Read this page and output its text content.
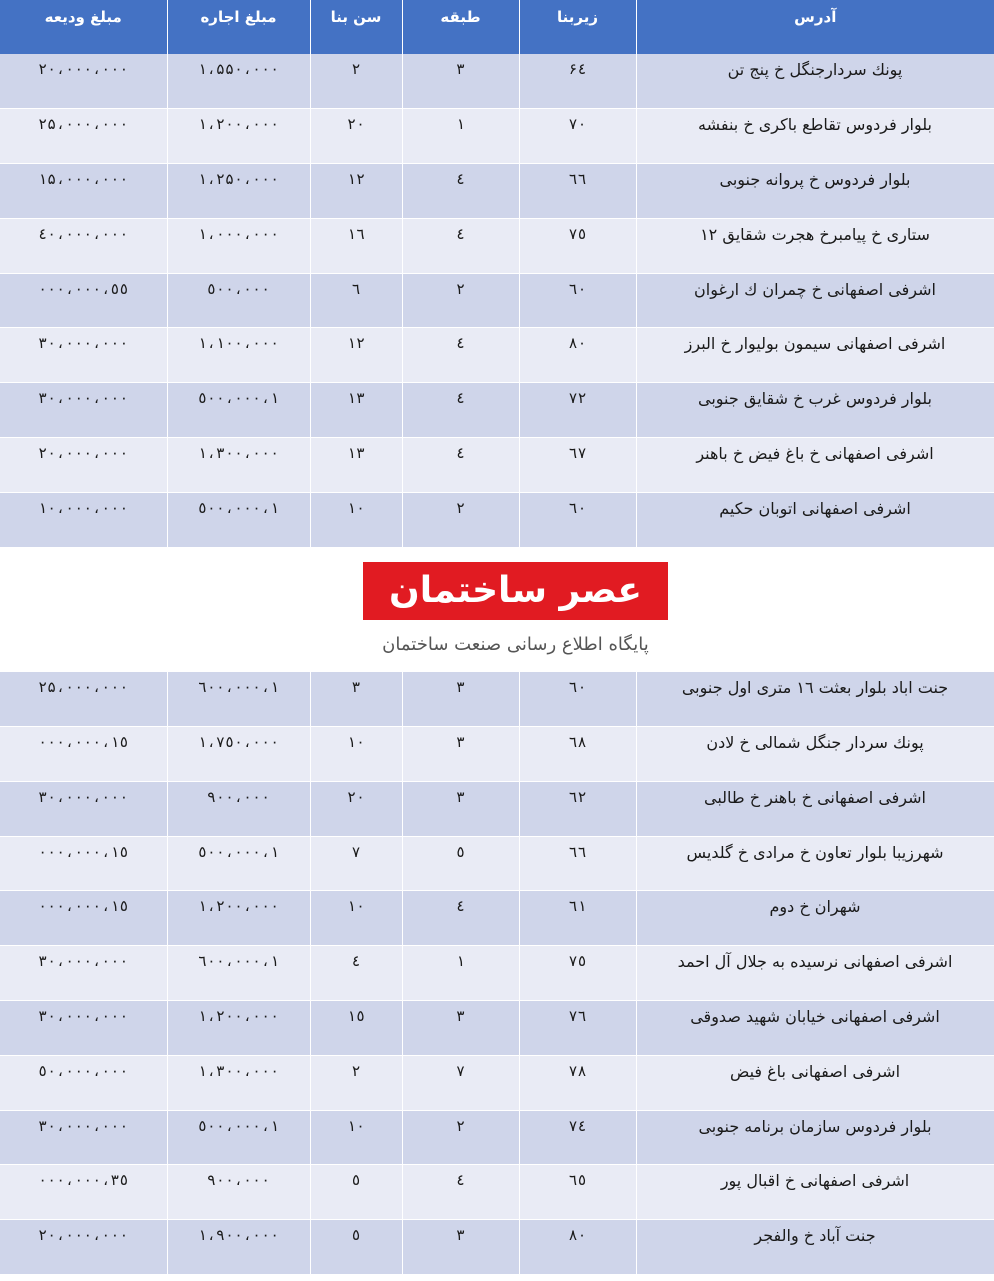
مبلغ ودیعه	مبلغ اجاره	سن بنا	طبقه	زیربنا	آدرس
۲۰،۰۰۰،۰۰۰	۱،۵۵۰،۰۰۰	۲	۳	۶٤	پونك سردارجنگل خ پنج تن
۲۵،۰۰۰،۰۰۰	۱،۲۰۰،۰۰۰	۲۰	۱	۷۰	بلوار فردوس تقاطع باکری خ بنفشه
۱۵،۰۰۰،۰۰۰	۱،۲۵۰،۰۰۰	۱۲	٤	٦٦	بلوار فردوس خ پروانه جنوبی
٤۰،۰۰۰،۰۰۰	۱،۰۰۰،۰۰۰	۱٦	٤	۷٥	ستاری خ پیامبرخ هجرت شقایق ۱۲
٥٥،۰۰۰،۰۰۰	٥۰۰،۰۰۰	٦	۲	٦۰	اشرفی اصفهانی خ چمران ك ارغوان
۳۰،۰۰۰،۰۰۰	۱،۱۰۰،۰۰۰	۱۲	٤	۸۰	اشرفی اصفهانی سیمون بولیوار خ البرز
۳۰،۰۰۰،۰۰۰	۱،٥۰۰،۰۰۰	۱۳	٤	۷۲	بلوار فردوس غرب خ شقایق جنوبی
۲۰،۰۰۰،۰۰۰	۱،۳۰۰،۰۰۰	۱۳	٤	٦۷	اشرفی اصفهانی خ باغ فیض خ باهنر
۱۰،۰۰۰،۰۰۰	۱،٥۰۰،۰۰۰	۱۰	۲	٦۰	اشرفی اصفهانی اتوبان حکیم
عصر ساختمان
پایگاه اطلاع رسانی صنعت ساختمان
۲۵،۰۰۰،۰۰۰	۱،٦۰۰،۰۰۰	۳	۳	٦۰	جنت اباد بلوار بعثت ۱٦ متری اول جنوبی
۱٥،۰۰۰،۰۰۰	۱،۷٥۰،۰۰۰	۱۰	۳	٦۸	پونك سردار جنگل شمالی خ لادن
۳۰،۰۰۰،۰۰۰	۹۰۰،۰۰۰	۲۰	۳	٦۲	اشرفی اصفهانی خ باهنر خ طالبی
۱٥،۰۰۰،۰۰۰	۱،٥۰۰،۰۰۰	۷	٥	٦٦	شهرزیبا بلوار تعاون خ مرادی خ گلدیس
۱٥،۰۰۰،۰۰۰	۱،۲۰۰،۰۰۰	۱۰	٤	٦۱	شهران خ دوم
۳۰،۰۰۰،۰۰۰	۱،٦۰۰،۰۰۰	٤	۱	۷٥	اشرفی اصفهانی نرسیده به جلال آل احمد
۳۰،۰۰۰،۰۰۰	۱،۲۰۰،۰۰۰	۱٥	۳	۷٦	اشرفی اصفهانی خیابان شهید صدوقی
٥۰،۰۰۰،۰۰۰	۱،۳۰۰،۰۰۰	۲	۷	۷۸	اشرفی اصفهانی باغ فیض
۳۰،۰۰۰،۰۰۰	۱،٥۰۰،۰۰۰	۱۰	۲	۷٤	بلوار فردوس سازمان برنامه جنوبی
۳٥،۰۰۰،۰۰۰	۹۰۰،۰۰۰	٥	٤	٦٥	اشرفی اصفهانی خ اقبال پور
۲۰،۰۰۰،۰۰۰	۱،۹۰۰،۰۰۰	٥	۳	۸۰	جنت آباد خ والفجر
